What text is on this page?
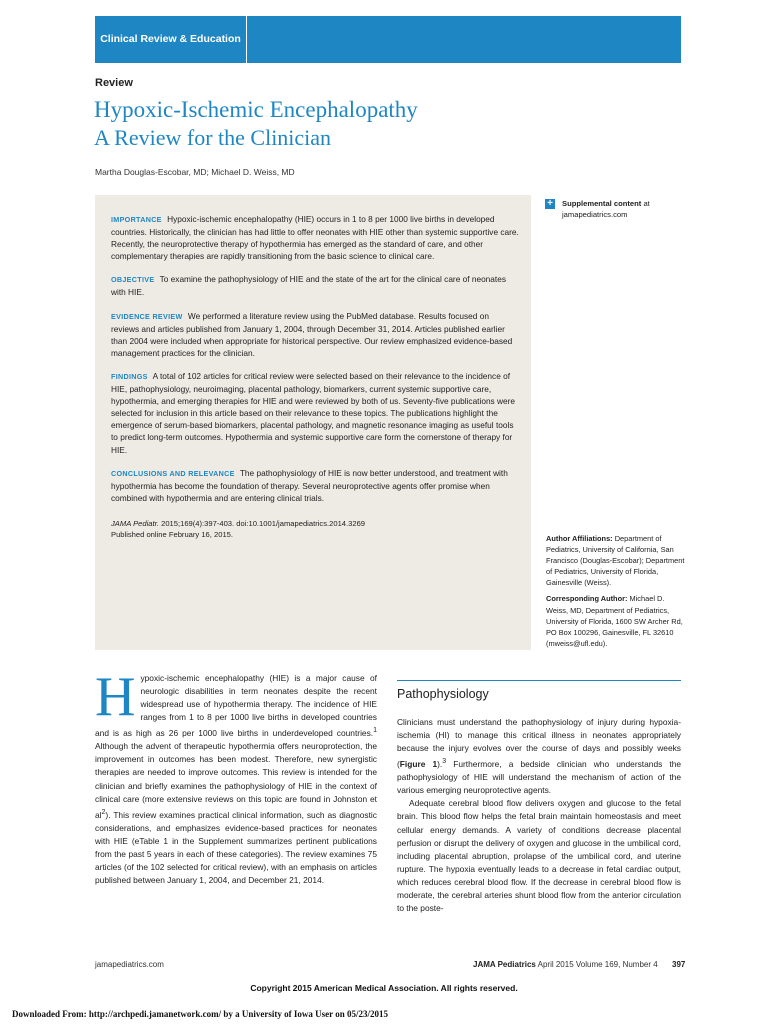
Clinical Review & Education
Review
Hypoxic-Ischemic Encephalopathy
A Review for the Clinician
Martha Douglas-Escobar, MD; Michael D. Weiss, MD

IMPORTANCE Hypoxic-ischemic encephalopathy (HIE) occurs in 1 to 8 per 1000 live births in developed countries. Historically, the clinician has had little to offer neonates with HIE other than systemic supportive care. Recently, the neuroprotective therapy of hypothermia has emerged as the standard of care, and other complementary therapies are rapidly transitioning from the basic science to clinical care.

OBJECTIVE To examine the pathophysiology of HIE and the state of the art for the clinical care of neonates with HIE.

EVIDENCE REVIEW We performed a literature review using the PubMed database. Results focused on reviews and articles published from January 1, 2004, through December 31, 2014. Articles published earlier than 2004 were included when appropriate for historical perspective. Our review emphasized evidence-based management practices for the clinician.

FINDINGS A total of 102 articles for critical review were selected based on their relevance to the incidence of HIE, pathophysiology, neuroimaging, placental pathology, biomarkers, current systemic supportive care, hypothermia, and emerging therapies for HIE and were reviewed by both of us. Seventy-five publications were selected for inclusion in this article based on their relevance to these topics. The publications highlight the emergence of serum-based biomarkers, placental pathology, and magnetic resonance imaging as useful tools to predict long-term outcomes. Hypothermia and systemic supportive care form the cornerstone of therapy for HIE.

CONCLUSIONS AND RELEVANCE The pathophysiology of HIE is now better understood, and treatment with hypothermia has become the foundation of therapy. Several neuroprotective agents offer promise when combined with hypothermia and are entering clinical trials.

JAMA Pediatr. 2015;169(4):397-403. doi:10.1001/jamapediatrics.2014.3269
Published online February 16, 2015.
+ Supplemental content at jamapediatrics.com
Author Affiliations: Department of Pediatrics, University of California, San Francisco (Douglas-Escobar); Department of Pediatrics, University of Florida, Gainesville (Weiss).
Corresponding Author: Michael D. Weiss, MD, Department of Pediatrics, University of Florida, 1600 SW Archer Rd, PO Box 100296, Gainesville, FL 32610 (mweiss@ufl.edu).

Hypoxic-ischemic encephalopathy (HIE) is a major cause of neurologic disabilities in term neonates despite the recent widespread use of hypothermia therapy. The incidence of HIE ranges from 1 to 8 per 1000 live births in developed countries and is as high as 26 per 1000 live births in underdeveloped countries.$^1$ Although the advent of therapeutic hypothermia offers neuroprotection, the improvement in outcomes has been modest. Therefore, new synergistic therapies are needed to improve outcomes. This review is intended for the clinician and briefly examines the pathophysiology of HIE in the context of clinical care (more extensive reviews on this topic are found in Johnston et $al^2$). This review examines practical clinical information, such as diagnostic considerations, and emphasizes evidence-based practices for neonates with HIE (eTable 1 in the Supplement summarizes pertinent publications from the past 5 years in each of these categories). The review examines 75 articles (of the 102 selected for critical review), with an emphasis on articles published between January 1, 2004, and December 21, 2014.

Pathophysiology

Clinicians must understand the pathophysiology of injury during hypoxia-ischemia (HI) to manage this critical illness in neonates appropriately because the injury evolves over the course of days and possibly weeks (Figure 1).$^3$ Furthermore, a bedside clinician who understands the pathophysiology of HIE will understand the mechanism of action of the various emerging neuroprotective agents.

Adequate cerebral blood flow delivers oxygen and glucose to the fetal brain. This blood flow helps the fetal brain maintain homeostasis and meet cellular energy demands. A variety of conditions decrease placental perfusion or disrupt the delivery of oxygen and glucose in the umbilical cord, including placental abruption, prolapse of the umbilical cord, and uterine rupture. The hypoxia eventually leads to a decrease in fetal cardiac output, which reduces cerebral blood flow. If the decrease in cerebral blood flow is moderate, the cerebral arteries shunt blood flow from the anterior circulation to the poste-

jamapediatrics.com	JAMA Pediatrics April 2015 Volume 169, Number 4 397
Copyright 2015 American Medical Association. All rights reserved.
Downloaded From: http://archpedi.jamanetwork.com/ by a University of Iowa User on 05/23/2015
